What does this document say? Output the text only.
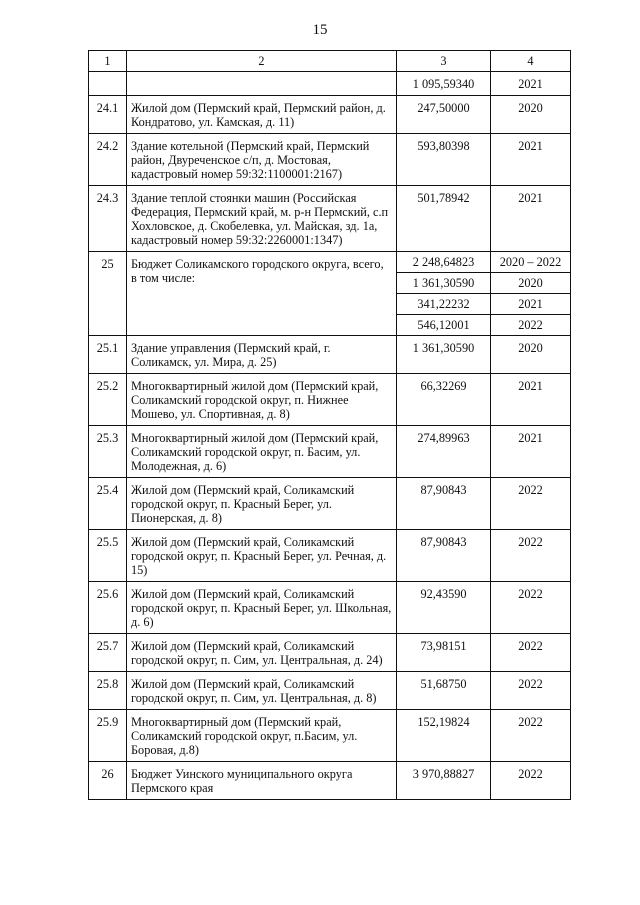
15
1	2	3	4
		1 095,59340	2021
24.1	Жилой дом (Пермский край, Пермский район, д. Кондратово, ул. Камская, д. 11)	247,50000	2020
24.2	Здание котельной (Пермский край, Пермский район, Двуреченское с/п, д. Мостовая, кадастровый номер 59:32:1100001:2167)	593,80398	2021
24.3	Здание теплой стоянки машин (Российская Федерация, Пермский край, м. р-н Пермский, с.п Хохловское, д. Скобелевка, ул. Майская, зд. 1а, кадастровый номер 59:32:2260001:1347)	501,78942	2021
25	Бюджет Соликамского городского округа, всего, в том числе:	2 248,64823	2020 – 2022
		1 361,30590	2020
		341,22232	2021
		546,12001	2022
25.1	Здание управления (Пермский край, г. Соликамск, ул. Мира, д. 25)	1 361,30590	2020
25.2	Многоквартирный жилой дом (Пермский край, Соликамский городской округ, п. Нижнее Мошево, ул. Спортивная, д. 8)	66,32269	2021
25.3	Многоквартирный жилой дом (Пермский край, Соликамский городской округ, п. Басим, ул. Молодежная, д. 6)	274,89963	2021
25.4	Жилой дом (Пермский край, Соликамский городской округ, п. Красный Берег, ул. Пионерская, д. 8)	87,90843	2022
25.5	Жилой дом (Пермский край, Соликамский городской округ, п. Красный Берег, ул. Речная, д. 15)	87,90843	2022
25.6	Жилой дом (Пермский край, Соликамский городской округ, п. Красный Берег, ул. Школьная, д. 6)	92,43590	2022
25.7	Жилой дом (Пермский край, Соликамский городской округ, п. Сим, ул. Центральная, д. 24)	73,98151	2022
25.8	Жилой дом (Пермский край, Соликамский городской округ, п. Сим, ул. Центральная, д. 8)	51,68750	2022
25.9	Многоквартирный дом (Пермский край, Соликамский городской округ, п.Басим, ул. Боровая, д.8)	152,19824	2022
26	Бюджет Уинского муниципального округа Пермского края	3 970,88827	2022
